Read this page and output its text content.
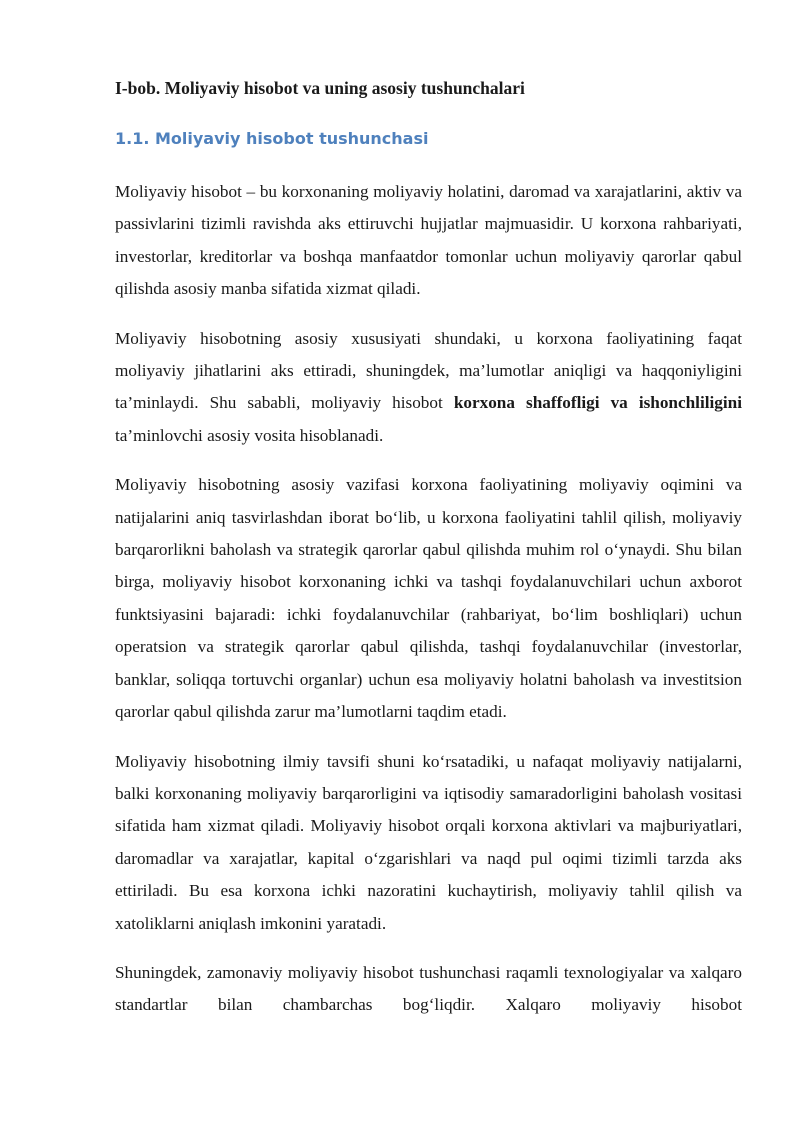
I-bob. Moliyaviy hisobot va uning asosiy tushunchalari
1.1. Moliyaviy hisobot tushunchasi

Moliyaviy hisobot – bu korxonaning moliyaviy holatini, daromad va xarajatlarini, aktiv va passivlarini tizimli ravishda aks ettiruvchi hujjatlar majmuasidir. U korxona rahbariyati, investorlar, kreditorlar va boshqa manfaatdor tomonlar uchun moliyaviy qarorlar qabul qilishda asosiy manba sifatida xizmat qiladi.

Moliyaviy hisobotning asosiy xususiyati shundaki, u korxona faoliyatining faqat moliyaviy jihatlarini aks ettiradi, shuningdek, ma’lumotlar aniqligi va haqqoniyligini ta’minlaydi. Shu sababli, moliyaviy hisobot korxona shaffofligi va ishonchliligini ta’minlovchi asosiy vosita hisoblanadi.

Moliyaviy hisobotning asosiy vazifasi korxona faoliyatining moliyaviy oqimini va natijalarini aniq tasvirlashdan iborat bo‘lib, u korxona faoliyatini tahlil qilish, moliyaviy barqarorlikni baholash va strategik qarorlar qabul qilishda muhim rol o‘ynaydi. Shu bilan birga, moliyaviy hisobot korxonaning ichki va tashqi foydalanuvchilari uchun axborot funktsiyasini bajaradi: ichki foydalanuvchilar (rahbariyat, bo‘lim boshliqlari) uchun operatsion va strategik qarorlar qabul qilishda, tashqi foydalanuvchilar (investorlar, banklar, soliqqa tortuvchi organlar) uchun esa moliyaviy holatni baholash va investitsion qarorlar qabul qilishda zarur ma’lumotlarni taqdim etadi.

Moliyaviy hisobotning ilmiy tavsifi shuni ko‘rsatadiki, u nafaqat moliyaviy natijalarni, balki korxonaning moliyaviy barqarorligini va iqtisodiy samaradorligini baholash vositasi sifatida ham xizmat qiladi. Moliyaviy hisobot orqali korxona aktivlari va majburiyatlari, daromadlar va xarajatlar, kapital o‘zgarishlari va naqd pul oqimi tizimli tarzda aks ettiriladi. Bu esa korxona ichki nazoratini kuchaytirish, moliyaviy tahlil qilish va xatoliklarni aniqlash imkonini yaratadi.

Shuningdek, zamonaviy moliyaviy hisobot tushunchasi raqamli texnologiyalar va xalqaro standartlar bilan chambarchas bog‘liqdir. Xalqaro moliyaviy hisobot
